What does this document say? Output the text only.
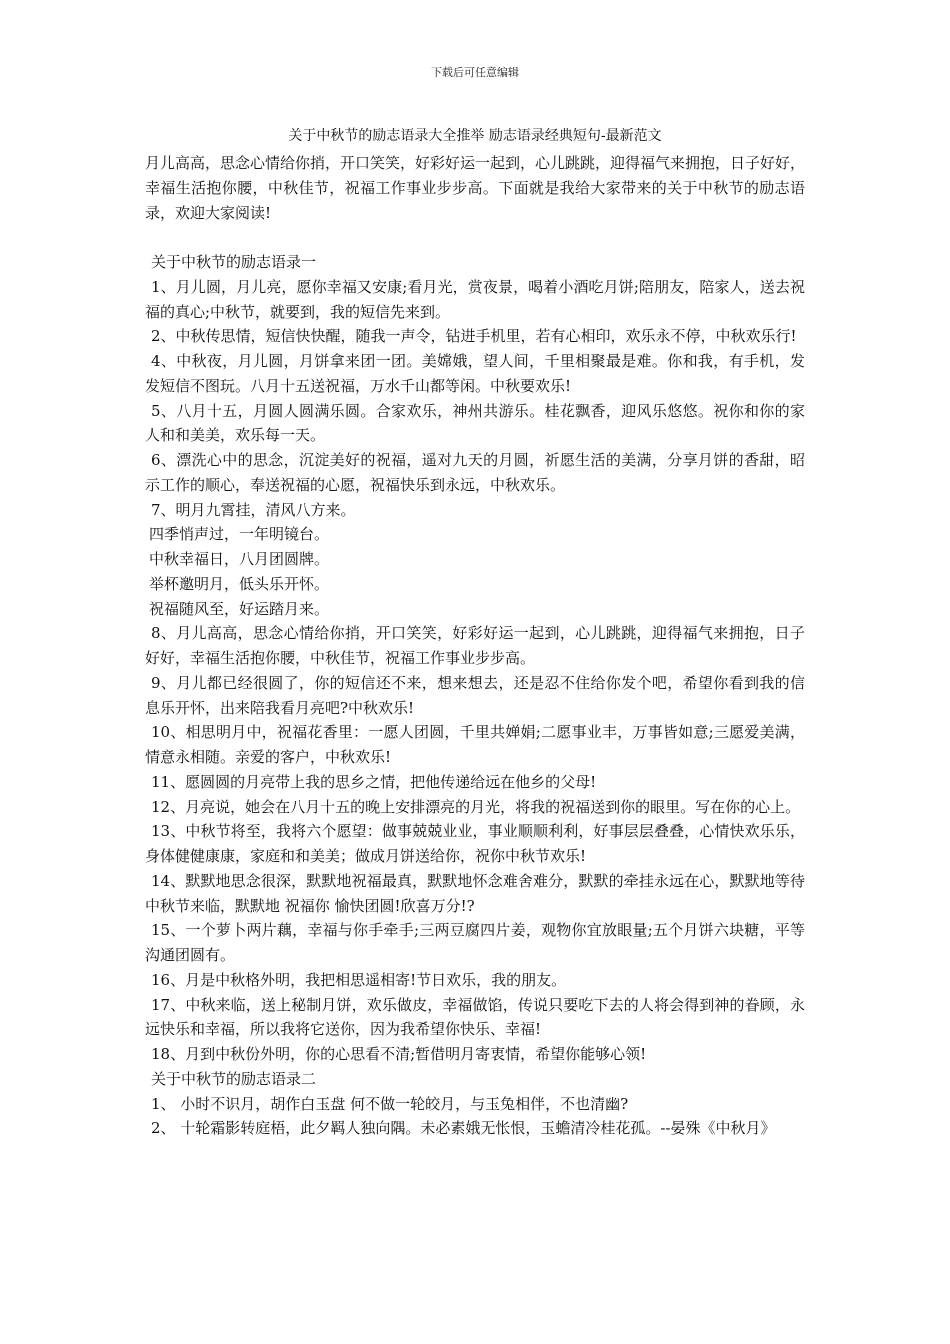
下载后可任意编辑
关于中秋节的励志语录大全推举 励志语录经典短句-最新范文

月儿高高，思念心情给你捎，开口笑笑，好彩好运一起到，心儿跳跳，迎得福气来拥抱，日子好好，幸福生活抱你腰，中秋佳节，祝福工作事业步步高。下面就是我给大家带来的关于中秋节的励志语录，欢迎大家阅读!

关于中秋节的励志语录一

1、月儿圆，月儿亮，愿你幸福又安康;看月光，赏夜景，喝着小酒吃月饼;陪朋友，陪家人，送去祝福的真心;中秋节，就要到，我的短信先来到。

2、中秋传思情，短信快快醒，随我一声令，钻进手机里，若有心相印，欢乐永不停，中秋欢乐行!

4、中秋夜，月儿圆，月饼拿来团一团。美嫦娥，望人间，千里相聚最是难。你和我，有手机，发发短信不图玩。八月十五送祝福，万水千山都等闲。中秋要欢乐!

5、八月十五，月圆人圆满乐圆。合家欢乐，神州共游乐。桂花飘香，迎风乐悠悠。祝你和你的家人和和美美，欢乐每一天。

6、漂洗心中的思念，沉淀美好的祝福，遥对九天的月圆，祈愿生活的美满，分享月饼的香甜，昭示工作的顺心，奉送祝福的心愿，祝福快乐到永远，中秋欢乐。

7、明月九霄挂，清风八方来。

四季悄声过，一年明镜台。

中秋幸福日，八月团圆牌。

举杯邀明月，低头乐开怀。

祝福随风至，好运踏月来。

8、月儿高高，思念心情给你捎，开口笑笑，好彩好运一起到，心儿跳跳，迎得福气来拥抱，日子好好，幸福生活抱你腰，中秋佳节，祝福工作事业步步高。

9、月儿都已经很圆了，你的短信还不来，想来想去，还是忍不住给你发个吧，希望你看到我的信息乐开怀，出来陪我看月亮吧?中秋欢乐!

10、相思明月中，祝福花香里：一愿人团圆，千里共婵娟;二愿事业丰，万事皆如意;三愿爱美满，情意永相随。亲爱的客户，中秋欢乐!

11、愿圆圆的月亮带上我的思乡之情，把他传递给远在他乡的父母!

12、月亮说，她会在八月十五的晚上安排漂亮的月光，将我的祝福送到你的眼里。写在你的心上。

13、中秋节将至，我将六个愿望：做事兢兢业业，事业顺顺利利，好事层层叠叠，心情快欢乐乐，身体健健康康，家庭和和美美；做成月饼送给你，祝你中秋节欢乐!

14、默默地思念很深，默默地祝福最真，默默地怀念难舍难分，默默的牵挂永远在心，默默地等待中秋节来临，默默地 祝福你 愉快团圆!欣喜万分!?

15、一个萝卜两片藕，幸福与你手牵手;三两豆腐四片姜，观物你宜放眼量;五个月饼六块糖，平等沟通团圆有。

16、月是中秋格外明，我把相思遥相寄!节日欢乐，我的朋友。

17、中秋来临，送上秘制月饼，欢乐做皮，幸福做馅，传说只要吃下去的人将会得到神的眷顾，永远快乐和幸福，所以我将它送你，因为我希望你快乐、幸福!

18、月到中秋份外明，你的心思看不清;暂借明月寄衷情，希望你能够心领!

关于中秋节的励志语录二

1、 小时不识月，胡作白玉盘 何不做一轮皎月，与玉兔相伴，不也清幽?

2、 十轮霜影转庭梧，此夕羁人独向隅。未必素娥无怅恨，玉蟾清冷桂花孤。--晏殊《中秋月》
